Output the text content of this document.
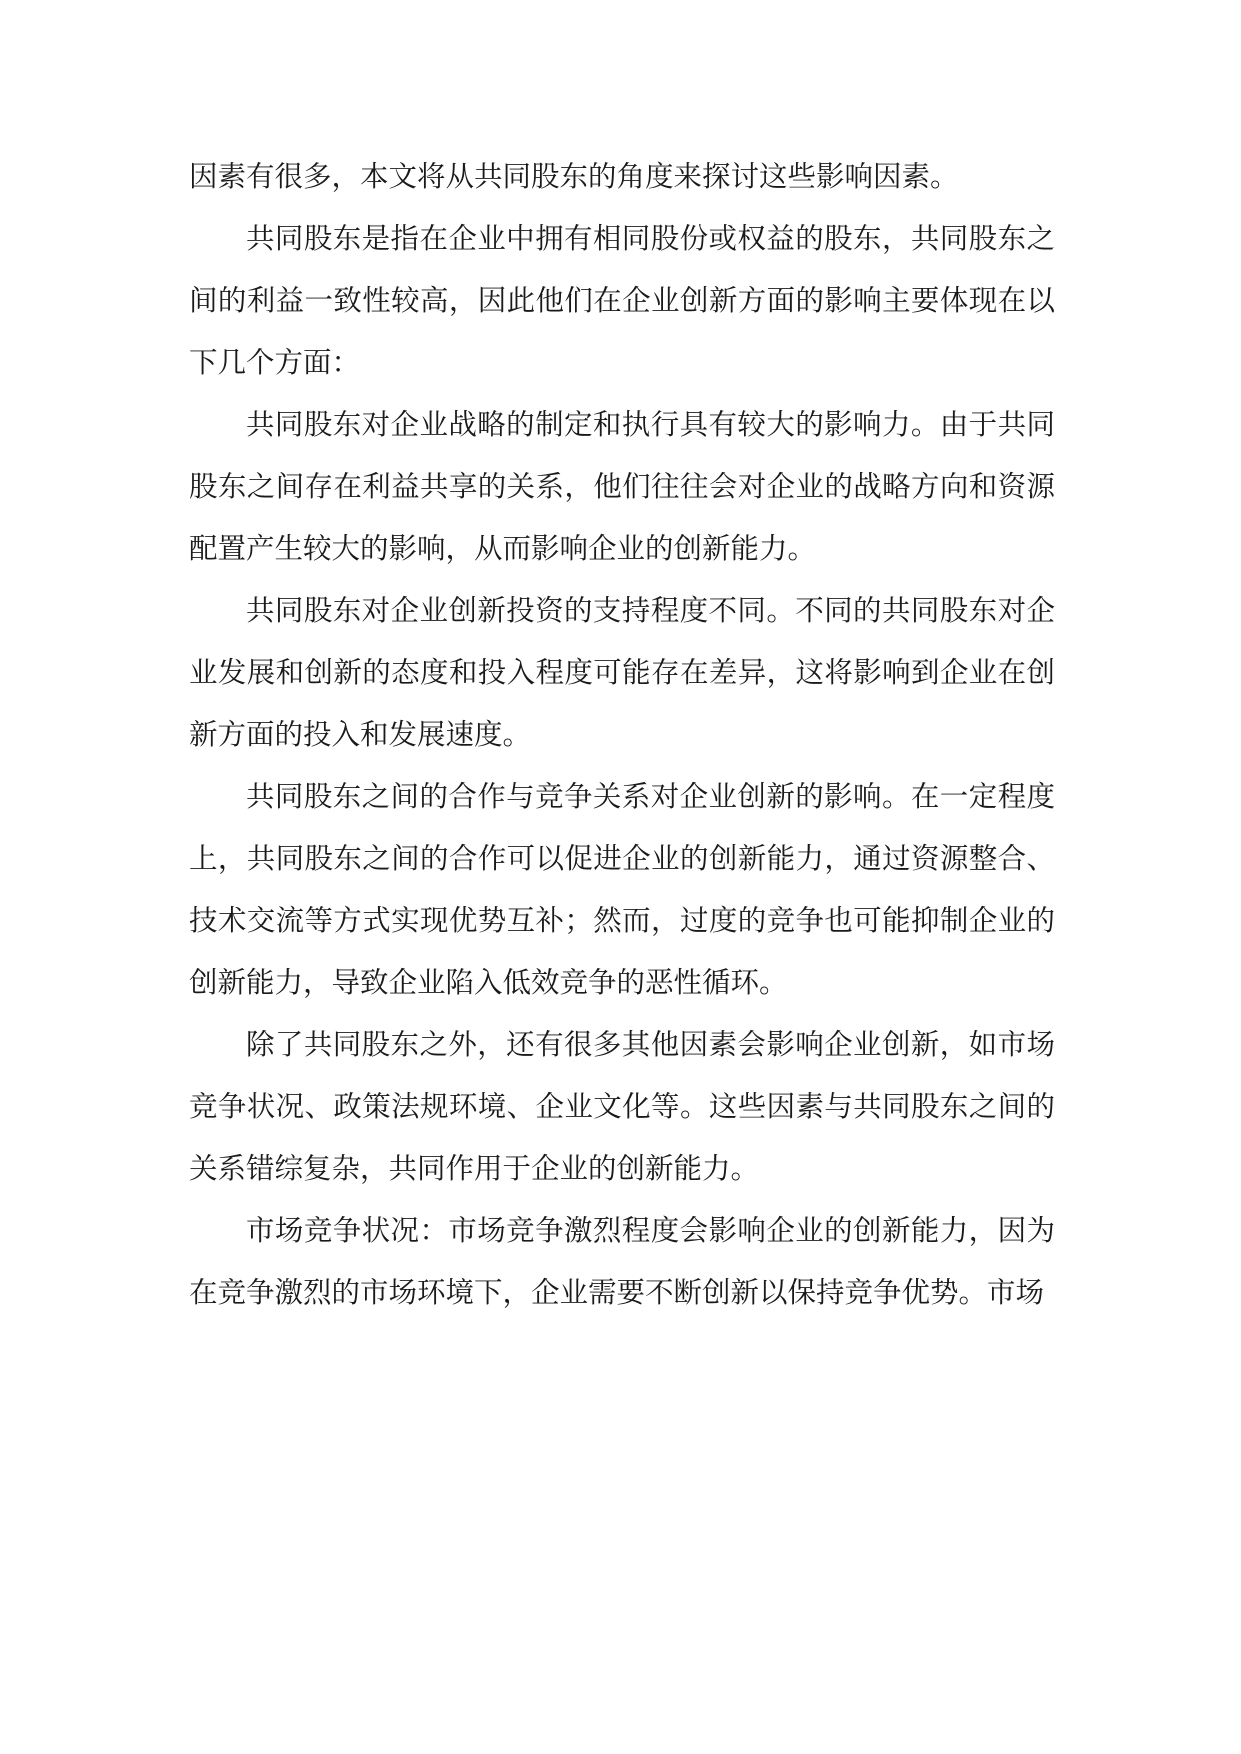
因素有很多，本文将从共同股东的角度来探讨这些影响因素。

共同股东是指在企业中拥有相同股份或权益的股东，共同股东之间的利益一致性较高，因此他们在企业创新方面的影响主要体现在以下几个方面：

共同股东对企业战略的制定和执行具有较大的影响力。由于共同股东之间存在利益共享的关系，他们往往会对企业的战略方向和资源配置产生较大的影响，从而影响企业的创新能力。

共同股东对企业创新投资的支持程度不同。不同的共同股东对企业发展和创新的态度和投入程度可能存在差异，这将影响到企业在创新方面的投入和发展速度。

共同股东之间的合作与竞争关系对企业创新的影响。在一定程度上，共同股东之间的合作可以促进企业的创新能力，通过资源整合、技术交流等方式实现优势互补；然而，过度的竞争也可能抑制企业的创新能力，导致企业陷入低效竞争的恶性循环。

除了共同股东之外，还有很多其他因素会影响企业创新，如市场竞争状况、政策法规环境、企业文化等。这些因素与共同股东之间的关系错综复杂，共同作用于企业的创新能力。

市场竞争状况：市场竞争激烈程度会影响企业的创新能力，因为在竞争激烈的市场环境下，企业需要不断创新以保持竞争优势。市场
